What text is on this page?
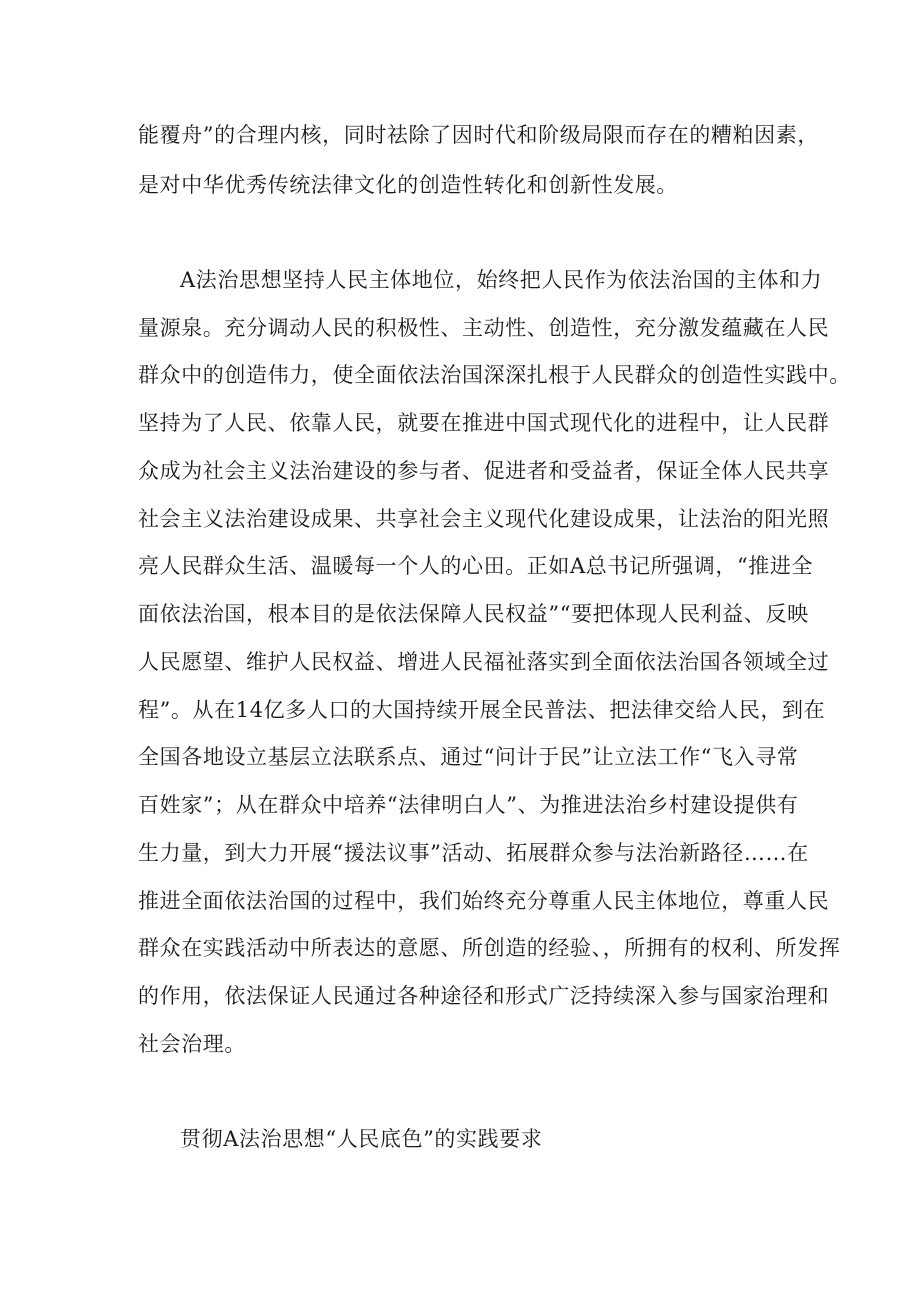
能覆舟”的合理内核，同时祛除了因时代和阶级局限而存在的糟粕因素，
是对中华优秀传统法律文化的创造性转化和创新性发展。
A法治思想坚持人民主体地位，始终把人民作为依法治国的主体和力
量源泉。充分调动人民的积极性、主动性、创造性，充分激发蕴藏在人民
群众中的创造伟力，使全面依法治国深深扎根于人民群众的创造性实践中。
坚持为了人民、依靠人民，就要在推进中国式现代化的进程中，让人民群
众成为社会主义法治建设的参与者、促进者和受益者，保证全体人民共享
社会主义法治建设成果、共享社会主义现代化建设成果，让法治的阳光照
亮人民群众生活、温暖每一个人的心田。正如A总书记所强调，“推进全
面依法治国，根本目的是依法保障人民权益”“要把体现人民利益、反映
人民愿望、维护人民权益、增进人民福祉落实到全面依法治国各领域全过
程”。从在14亿多人口的大国持续开展全民普法、把法律交给人民，到在
全国各地设立基层立法联系点、通过“问计于民”让立法工作“飞入寻常
百姓家”；从在群众中培养“法律明白人”、为推进法治乡村建设提供有
生力量，到大力开展“援法议事”活动、拓展群众参与法治新路径……在
推进全面依法治国的过程中，我们始终充分尊重人民主体地位，尊重人民
群众在实践活动中所表达的意愿、所创造的经验、，所拥有的权利、所发挥
的作用，依法保证人民通过各种途径和形式广泛持续深入参与国家治理和
社会治理。
贯彻A法治思想“人民底色”的实践要求
